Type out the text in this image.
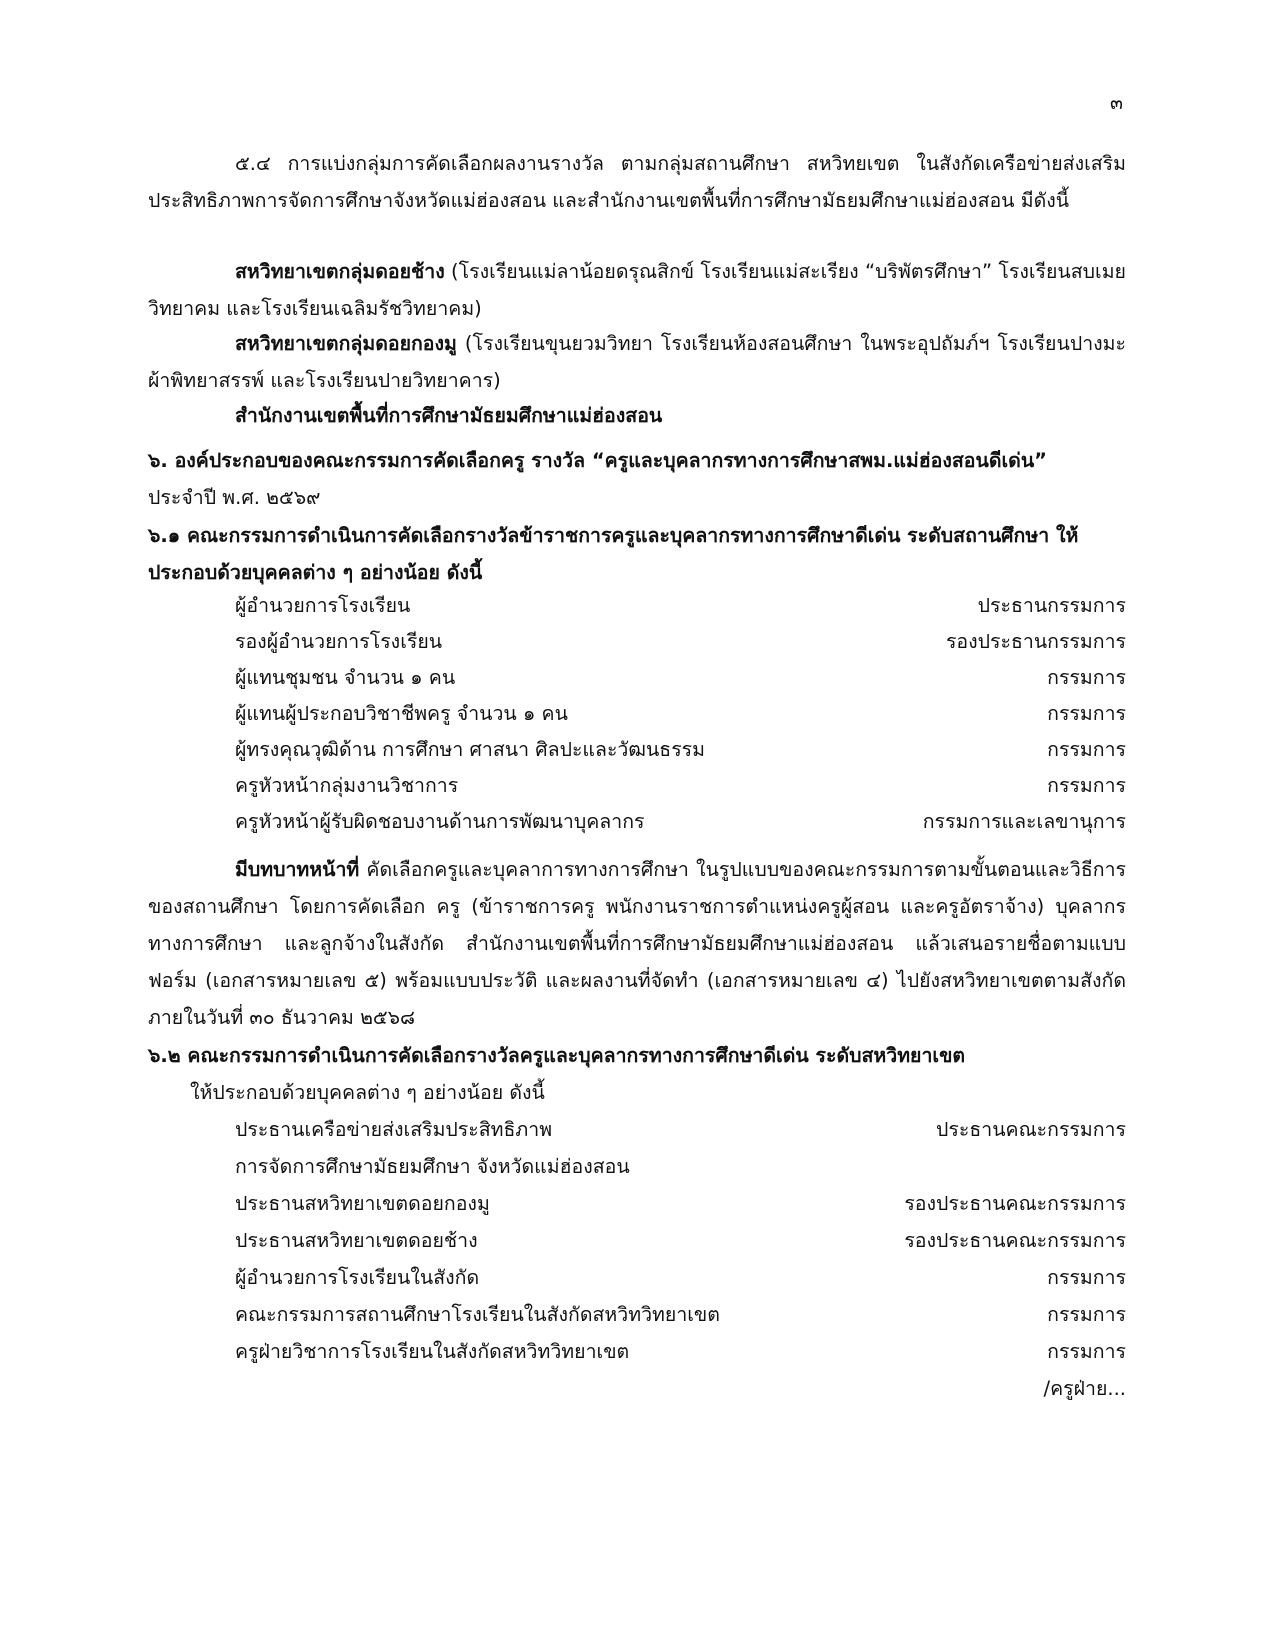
๓

๕.๔ การแบ่งกลุ่มการคัดเลือกผลงานรางวัล ตามกลุ่มสถานศึกษา สหวิทยเขต ในสังกัดเครือข่ายส่งเสริมประสิทธิภาพการจัดการศึกษาจังหวัดแม่ฮ่องสอน และสำนักงานเขตพื้นที่การศึกษามัธยมศึกษาแม่ฮ่องสอน มีดังนี้

สหวิทยาเขตกลุ่มดอยช้าง (โรงเรียนแม่ลาน้อยดรุณสิกข์ โรงเรียนแม่สะเรียง “บริพัตรศึกษา” โรงเรียนสบเมยวิทยาคม และโรงเรียนเฉลิมรัชวิทยาคม)

สหวิทยาเขตกลุ่มดอยกองมู (โรงเรียนขุนยวมวิทยา โรงเรียนห้องสอนศึกษา ในพระอุปถัมภ์ฯ โรงเรียนปางมะผ้าพิทยาสรรพ์ และโรงเรียนปายวิทยาคาร)

สำนักงานเขตพื้นที่การศึกษามัธยมศึกษาแม่ฮ่องสอน

๖. องค์ประกอบของคณะกรรมการคัดเลือกครู รางวัล “ครูและบุคลากรทางการศึกษาสพม.แม่ฮ่องสอนดีเด่น”

ประจำปี พ.ศ. ๒๕๖๙

๖.๑ คณะกรรมการดำเนินการคัดเลือกรางวัลข้าราชการครูและบุคลากรทางการศึกษาดีเด่น ระดับสถานศึกษา ให้ประกอบด้วยบุคคลต่าง ๆ อย่างน้อย ดังนี้

ผู้อำนวยการโรงเรียน	ประธานกรรมการ
รองผู้อำนวยการโรงเรียน	รองประธานกรรมการ
ผู้แทนชุมชน จำนวน ๑ คน	กรรมการ
ผู้แทนผู้ประกอบวิชาชีพครู จำนวน ๑ คน	กรรมการ
ผู้ทรงคุณวุฒิด้าน การศึกษา ศาสนา ศิลปะและวัฒนธรรม	กรรมการ
ครูหัวหน้ากลุ่มงานวิชาการ	กรรมการ
ครูหัวหน้าผู้รับผิดชอบงานด้านการพัฒนาบุคลากร	กรรมการและเลขานุการ

มีบทบาทหน้าที่ คัดเลือกครูและบุคลาการทางการศึกษา ในรูปแบบของคณะกรรมการตามขั้นตอนและวิธีการของสถานศึกษา โดยการคัดเลือก ครู (ข้าราชการครู พนักงานราชการตำแหน่งครูผู้สอน และครูอัตราจ้าง) บุคลากรทางการศึกษา และลูกจ้างในสังกัด สำนักงานเขตพื้นที่การศึกษามัธยมศึกษาแม่ฮ่องสอน แล้วเสนอรายชื่อตามแบบฟอร์ม (เอกสารหมายเลข ๕) พร้อมแบบประวัติ และผลงานที่จัดทำ (เอกสารหมายเลข ๔) ไปยังสหวิทยาเขตตามสังกัด ภายในวันที่ ๓๐ ธันวาคม ๒๕๖๘

๖.๒ คณะกรรมการดำเนินการคัดเลือกรางวัลครูและบุคลากรทางการศึกษาดีเด่น ระดับสหวิทยาเขต

ให้ประกอบด้วยบุคคลต่าง ๆ อย่างน้อย ดังนี้

ประธานเครือข่ายส่งเสริมประสิทธิภาพ	ประธานคณะกรรมการ
การจัดการศึกษามัธยมศึกษา จังหวัดแม่ฮ่องสอน
ประธานสหวิทยาเขตดอยกองมู	รองประธานคณะกรรมการ
ประธานสหวิทยาเขตดอยช้าง	รองประธานคณะกรรมการ
ผู้อำนวยการโรงเรียนในสังกัด	กรรมการ
คณะกรรมการสถานศึกษาโรงเรียนในสังกัดสหวิทวิทยาเขต	กรรมการ
ครูฝ่ายวิชาการโรงเรียนในสังกัดสหวิทวิทยาเขต	กรรมการ
/ครูฝ่าย...
